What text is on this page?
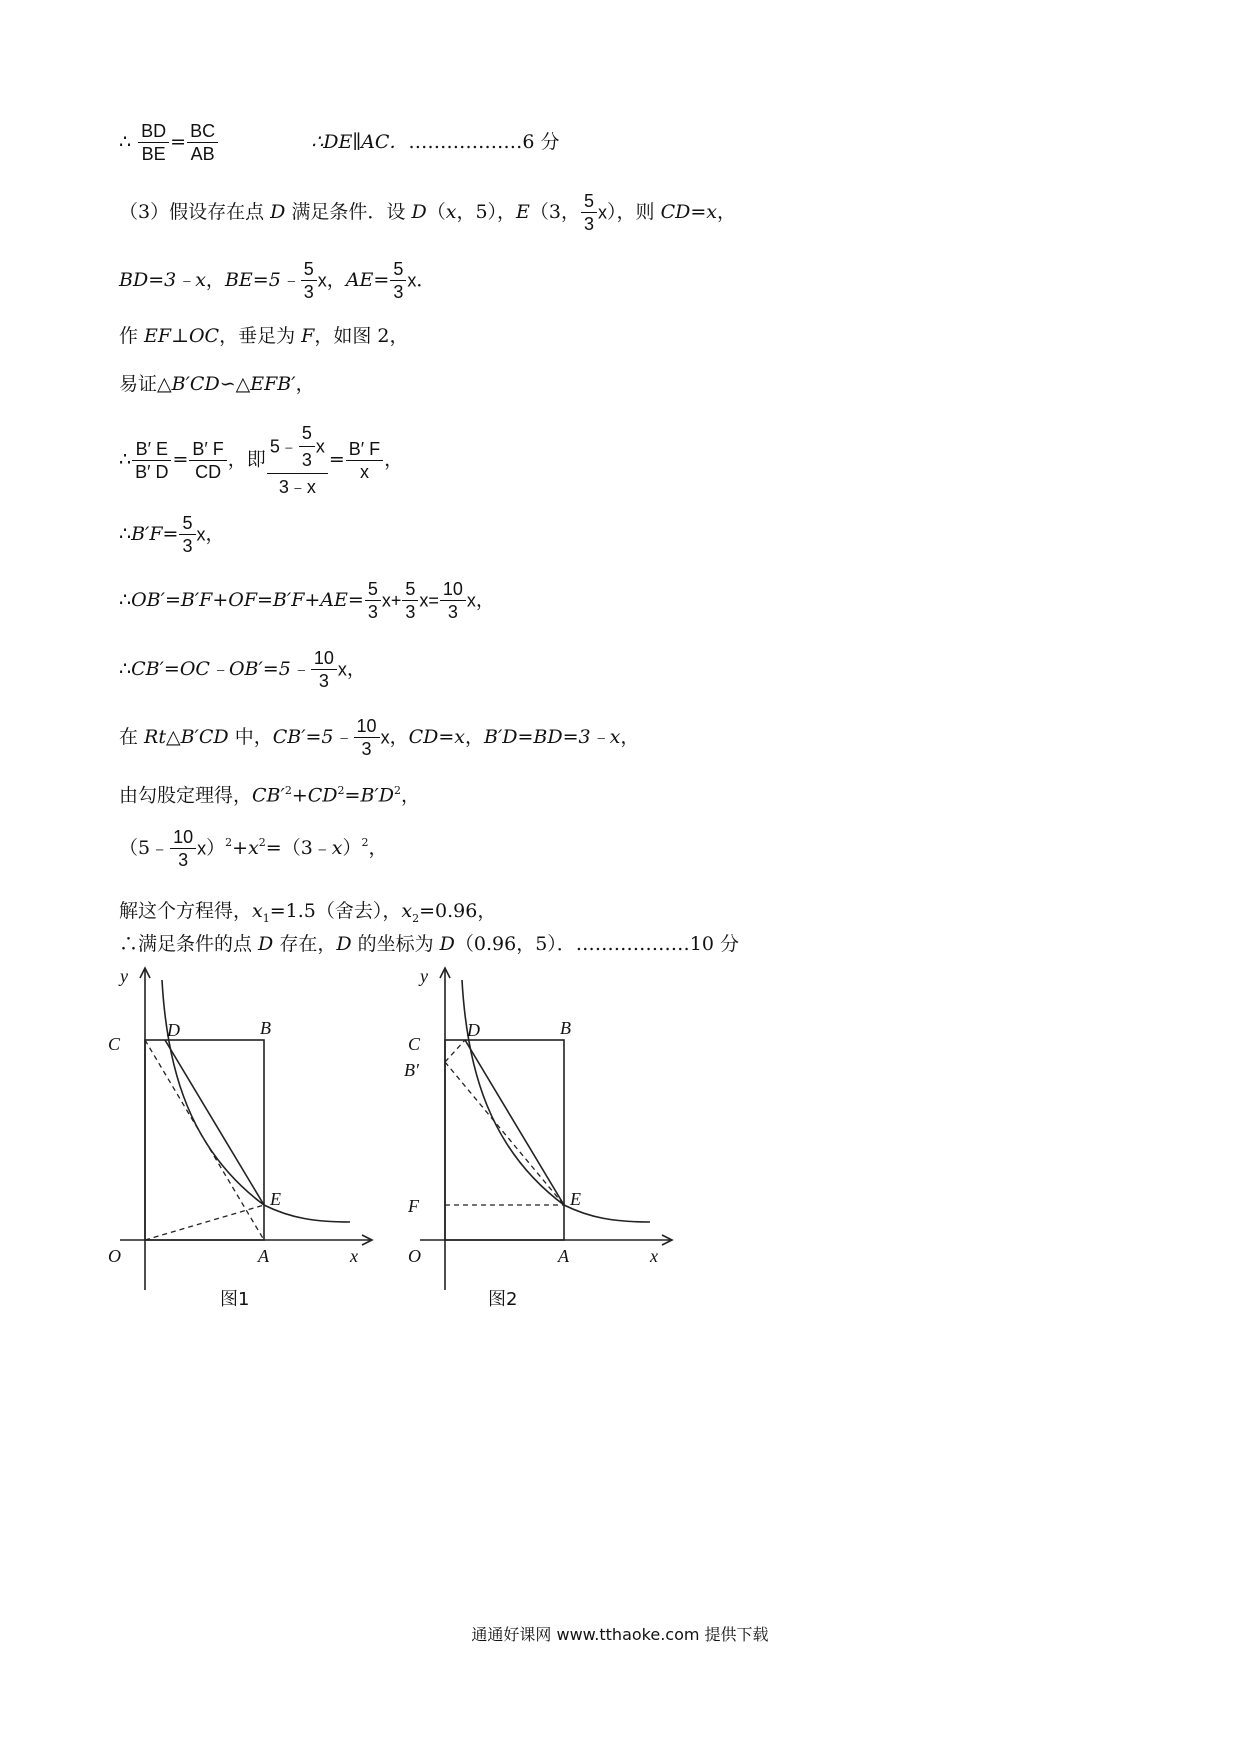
∴ $\frac{BD}{BE} = \frac{BC}{AB}$	∴DE∥AC．………………6 分
（3）假设存在点 D 满足条件．设 D（x，5），E（3， $\frac{5}{3} x$），则 CD=x，
BD=3﹣x，BE=5﹣ $\frac{5}{3}$ x，$AE= \frac{5}{3}$ x．
作 EF⊥OC，垂足为 F，如图 2，
易证△B′CD∽△EFB′，
∴ $\frac{B' E}{B' D} = \frac{B' F}{CD}$ ，即 $\frac{5﹣ \frac{5}{3} x}{3﹣x} = \frac{B' F}{x}$ ，
∴B′F= $\frac{5}{3}$ x，
∴OB′=B′F+OF=B′F+AE= $\frac{5}{3} x+ \frac{5}{3} x= \frac{10}{3}$ x，
∴CB′=OC﹣OB′=5﹣ $\frac{10}{3}$ x，
在 Rt△B′CD 中，CB′=5﹣ $\frac{10}{3}$ x，CD=x，B′D=BD=3﹣x，
由勾股定理得，$CB'^2+CD^2=B'D^2$，
（5﹣ $\frac{10}{3}$ $x)^2+x^2=(3﹣x)^2$，
解这个方程得，$x_1=1.5$（舍去），$x_2=0.96$，
∴满足条件的点 D 存在，D 的坐标为 D（0.96，5）．………………10 分
y
O	A	x
C
D	B
E
图1
y
O	A	x
C
B′
F
D	B
E
图2
通通好课网 www.tthaoke.com 提供下载
